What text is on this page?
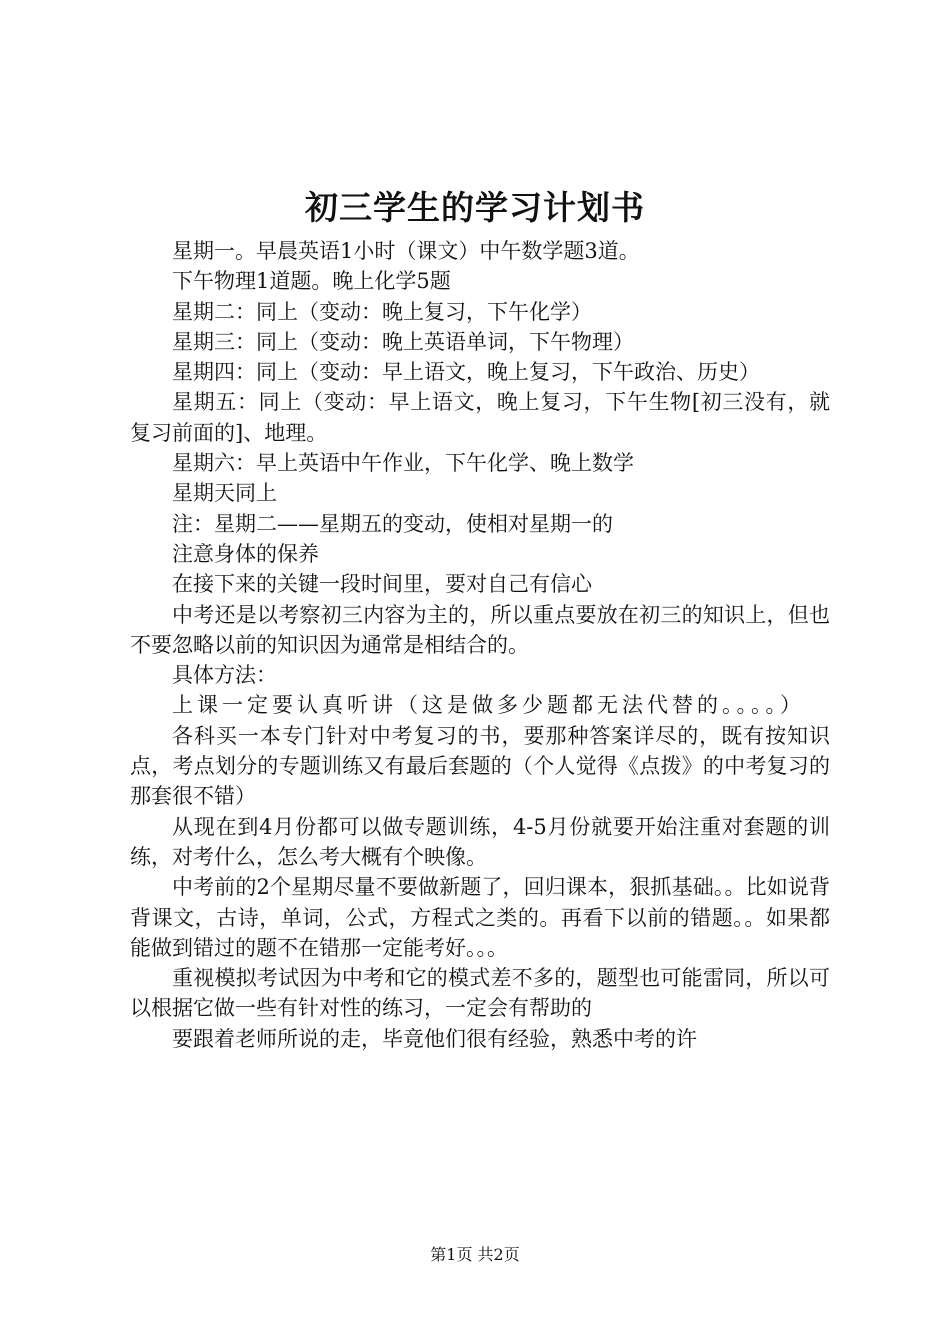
初三学生的学习计划书

星期一。早晨英语1小时（课文）中午数学题3道。

下午物理1道题。晚上化学5题

星期二：同上（变动：晚上复习，下午化学）

星期三：同上（变动：晚上英语单词，下午物理）

星期四：同上（变动：早上语文，晚上复习，下午政治、历史）

星期五：同上（变动：早上语文，晚上复习，下午生物[初三没有，就复习前面的]、地理。

星期六：早上英语中午作业，下午化学、晚上数学

星期天同上

注：星期二——星期五的变动，使相对星期一的

注意身体的保养

在接下来的关键一段时间里，要对自己有信心

中考还是以考察初三内容为主的，所以重点要放在初三的知识上，但也不要忽略以前的知识因为通常是相结合的。

具体方法：

上课一定要认真听讲（这是做多少题都无法代替的。。。。）

各科买一本专门针对中考复习的书，要那种答案详尽的，既有按知识点，考点划分的专题训练又有最后套题的（个人觉得《点拨》的中考复习的那套很不错）

从现在到4月份都可以做专题训练，4-5月份就要开始注重对套题的训练，对考什么，怎么考大概有个映像。

中考前的2个星期尽量不要做新题了，回归课本，狠抓基础。。比如说背背课文，古诗，单词，公式，方程式之类的。再看下以前的错题。。如果都能做到错过的题不在错那一定能考好。。。

重视模拟考试因为中考和它的模式差不多的，题型也可能雷同，所以可以根据它做一些有针对性的练习，一定会有帮助的

要跟着老师所说的走，毕竟他们很有经验，熟悉中考的许

第1页 共2页
